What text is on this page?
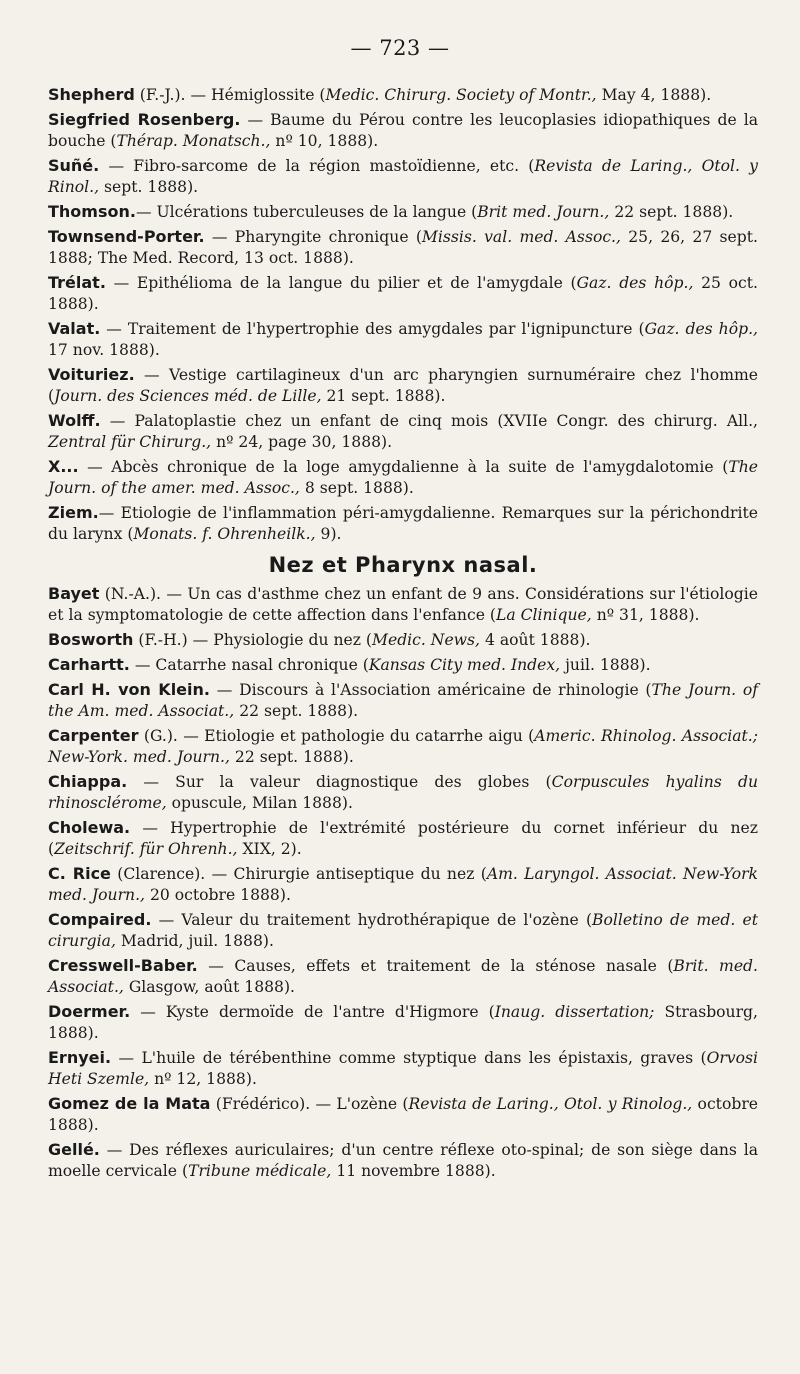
— 723 —
Shepherd (F.-J.). — Hémiglossite (Medic. Chirurg. Society of Montr., May 4, 1888).
Siegfried Rosenberg. — Baume du Pérou contre les leucoplasies idiopathiques de la bouche (Thérap. Monatsch., nº 10, 1888).
Suñé. — Fibro-sarcome de la région mastoïdienne, etc. (Revista de Laring., Otol. y Rinol., sept. 1888).
Thomson.— Ulcérations tuberculeuses de la langue (Brit med. Journ., 22 sept. 1888).
Townsend-Porter. — Pharyngite chronique (Missis. val. med. Assoc., 25, 26, 27 sept. 1888; The Med. Record, 13 oct. 1888).
Trélat. — Epithélioma de la langue du pilier et de l'amygdale (Gaz. des hôp., 25 oct. 1888).
Valat. — Traitement de l'hypertrophie des amygdales par l'ignipuncture (Gaz. des hôp., 17 nov. 1888).
Voituriez. — Vestige cartilagineux d'un arc pharyngien surnuméraire chez l'homme (Journ. des Sciences méd. de Lille, 21 sept. 1888).
Wolff. — Palatoplastie chez un enfant de cinq mois (XVIIe Congr. des chirurg. All., Zentral für Chirurg., nº 24, page 30, 1888).
X... — Abcès chronique de la loge amygdalienne à la suite de l'amygdalotomie (The Journ. of the amer. med. Assoc., 8 sept. 1888).
Ziem.— Etiologie de l'inflammation péri-amygdalienne. Remarques sur la périchondrite du larynx (Monats. f. Ohrenheilk., 9).
Nez et Pharynx nasal.
Bayet (N.-A.). — Un cas d'asthme chez un enfant de 9 ans. Considérations sur l'étiologie et la symptomatologie de cette affection dans l'enfance (La Clinique, nº 31, 1888).
Bosworth (F.-H.) — Physiologie du nez (Medic. News, 4 août 1888).
Carhartt. — Catarrhe nasal chronique (Kansas City med. Index, juil. 1888).
Carl H. von Klein. — Discours à l'Association américaine de rhinologie (The Journ. of the Am. med. Associat., 22 sept. 1888).
Carpenter (G.). — Etiologie et pathologie du catarrhe aigu (Americ. Rhinolog. Associat.; New-York. med. Journ., 22 sept. 1888).
Chiappa. — Sur la valeur diagnostique des globes (Corpuscules hyalins du rhinosclérome, opuscule, Milan 1888).
Cholewa. — Hypertrophie de l'extrémité postérieure du cornet inférieur du nez (Zeitschrif. für Ohrenh., XIX, 2).
C. Rice (Clarence). — Chirurgie antiseptique du nez (Am. Laryngol. Associat. New-York med. Journ., 20 octobre 1888).
Compaired. — Valeur du traitement hydrothérapique de l'ozène (Bolletino de med. et cirurgia, Madrid, juil. 1888).
Cresswell-Baber. — Causes, effets et traitement de la sténose nasale (Brit. med. Associat., Glasgow, août 1888).
Doermer. — Kyste dermoïde de l'antre d'Higmore (Inaug. dissertation; Strasbourg, 1888).
Ernyei. — L'huile de térébenthine comme styptique dans les épistaxis, graves (Orvosi Heti Szemle, nº 12, 1888).
Gomez de la Mata (Frédérico). — L'ozène (Revista de Laring., Otol. y Rinolog., octobre 1888).
Gellé. — Des réflexes auriculaires; d'un centre réflexe oto-spinal; de son siège dans la moelle cervicale (Tribune médicale, 11 novembre 1888).
